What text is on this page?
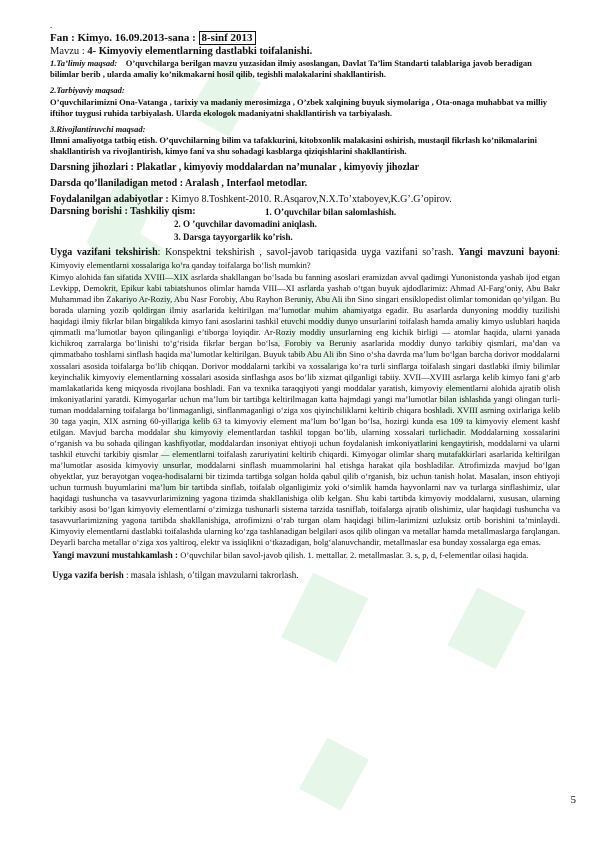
.
Fan : Kimyo. 16.09.2013-sana : 8-sinf 2013
Mavzu : 4- Kimyoviy elementlarning dastlabki toifalanishi.
1.Ta’limiy maqsad: O’quvchilarga berilgan mavzu yuzasidan ilmiy asoslangan, Davlat Ta’lim Standarti talablariga javob beradigan bilimlar berib , ularda amaliy ko’nikmakarni hosil qilib, tegishli malakalarini shakllantirish.

2.Tarbiyaviy maqsad:

O’quvchilarimizni Ona-Vatanga , tarixiy va madaniy merosimizga , O’zbek xalqining buyuk siymolariga , Ota-onaga muhabbat va milliy iftihor tuygusi ruhida tarbiyalash. Ularda ekologok madaniyatni shakllantirish va tarbiyalash.

3.Rivojlantiruvchi maqsad:

Ilmni amaliyotga tatbiq etish. O’quvchilarning bilim va tafakkurini, kitobxonlik malakasini oshirish, mustaqil fikrlash ko’nikmalarini shakllantirish va rivojlantirish, kimyo fani va shu sohadagi kasblarga qiziqishlarini shakllantirish.

Darsning jihozlari : Plakatlar , kimyoviy moddalardan na’munalar , kimyoviy jihozlar
Darsda qo’llaniladigan metod : Aralash , Interfaol metodlar.
Foydalanilgan adabiyotlar : Kimyo 8.Toshkent-2010. R.Asqarov,N.X.To’xtaboyev,K.G’.G’opirov.
Darsning borishi : Tashkiliy qism:	1. O’quvchilar bilan salomlashish.
2. O ’quvchilar davomadini aniqlash.
3. Darsga tayyorgarlik ko’rish.
Uyga vazifani tekshirish: Konspektni tekshirish , savol-javob tariqasida uyga vazifani so’rash. Yangi mavzuni bayoni: Kimyoviy elementlarni xossalariga ko‘ra qanday toifalarga bo‘lish mumkin?
Kimyo alohida fan sifatida XVIII—XIX asrlarda shakllangan bo‘lsada bu fanning asoslari eramizdan avval qadimgi Yunonistonda yashab ijod etgan Levkipp, Demokrit, Epikur kabi tabiatshunos olimlar hamda VIII—XI asrlarda yashab o‘tgan buyuk ajdodlarimiz: Ahmad Al-Farg‘oniy, Abu Bakr Muhammad ibn Zakariyo Ar-Roziy, Abu Nasr Forobiy, Abu Rayhon Beruniy, Abu Ali ibn Sino singari ensiklopedist olimlar tomonidan qo‘yilgan. Bu borada ularning yozib qoldirgan ilmiy asarlarida keltirilgan ma’lumotlar muhim ahamiyatga egadir. Bu asarlarda dunyoning moddiy tuzilishi haqidagi ilmiy fikrlar bilan birgalikda kimyo fani asoslarini tashkil etuvchi moddiy dunyo unsurlarini toifalash hamda amaliy kimyo uslublari haqida qimmatli ma’lumotlar bayon qilinganligi e’tiborga loyiqdir. Ar-Roziy moddiy unsurlarning eng kichik birligi — atomlar haqida, ularni yanada kichikroq zarralarga bo‘linishi to‘g‘risida fikrlar bergan bo‘lsa, Forobiy va Beruniy asarlarida moddiy dunyo tarkibiy qismlari, ma’dan va qimmatbaho toshlarni sinflash haqida ma’lumotlar keltirilgan. Buyuk tabib Abu Ali ibn Sino o‘sha davrda ma’lum bo‘lgan barcha dorivor moddalarni xossalari asosida toifalarga bo‘lib chiqqan. Dorivor moddalarni tarkibi va xossalariga ko‘ra turli sinflarga toifalash singari dastlabki ilmiy bilimlar keyinchalik kimyoviy elementlarning xossalari asosida sinflashga asos bo‘lib xizmat qilganligi tabiiy. XVII—XVIII asrlarga kelib kimyo fani g‘arb mamlakatlarida keng miqyosda rivojlana boshladi. Fan va texnika taraqqiyoti yangi moddalar yaratish, kimyoviy elementlarni alohida ajratib olish imkoniyatlarini yaratdi. Kimyogarlar uchun ma’lum bir tartibga keltirilmagan katta hajmdagi yangi ma’lumotlar bilan ishlashda yangi olingan turli-tuman moddalarning toifalarga bo‘linmaganligi, sinflanmaganligi o‘ziga xos qiyinchiliklarni keltirib chiqara boshladi. XVIII asrning oxirlariga kelib 30 taga yaqin, XIX asrning 60-yillariga kelib 63 ta kimyoviy element ma’lum bo‘lgan bo‘lsa, hozirgi kunda esa 109 ta kimyoviy element kashf etilgan. Mavjud barcha moddalar shu kimyoviy elementlardan tashkil topgan bo‘lib, ularning xossalari turlichadir. Moddalarning xossalarini o‘rganish va bu sohada qilingan kashfiyotlar, moddalardan insoniyat ehtiyoji uchun foydalanish imkoniyatlarini kengaytirish, moddalarni va ularni tashkil etuvchi tarkibiy qismlar — elementlarni toifalash zaruriyatini keltirib chiqardi. Kimyogar olimlar sharq mutafakkirlari asarlarida keltirilgan ma’lumotlar asosida kimyoviy unsurlar, moddalarni sinflash muammolarini hal etishga harakat qila boshladilar. Atrofimizda mavjud bo‘lgan obyektlar, yuz berayotgan voqea-hodisalarni bir tizimda tartibga solgan holda qabul qilib o‘rganish, biz uchun tanish holat. Masalan, inson ehtiyoji uchun turmush buyumlarini ma’lum bir tartibda sinflab, toifalab olganligimiz yoki o‘simlik hamda hayvonlarni nav va turlarga sinflashimiz, ular haqidagi tushuncha va tasavvurlarimizning yagona tizimda shakllanishiga olib kelgan. Shu kabi tartibda kimyoviy moddalarni, xususan, ularning tarkibiy asosi bo‘lgan kimyoviy elementlarni o‘zimizga tushunarli sistema tarzida tasniflab, toifalarga ajratib olishimiz, ular haqidagi tushuncha va tasavvurlarimizning yagona tartibda shakllanishiga, atrofimizni o‘rab turgan olam haqidagi bilim-larimizni uzluksiz ortib borishini ta’minlaydi. Kimyoviy elementlarni dastlabki toifalashda ularning ko‘zga tashlanadigan belgilari asos qilib olingan va metallar hamda metallmaslarga farqlangan. Deyarli barcha metallar o‘ziga xos yaltiroq, elektr va issiqlikni o‘tkazadigan, bolg‘alanuvchandir, metallmaslar esa bunday xossalarga ega emas.
Yangi mavzuni mustahkamlash : O’quvchilar bilan savol-javob qilish. 1. mettallar. 2. metallmaslar. 3. s, p, d, f-elementlar oilasi haqida.
Uyga vazifa berish : masala ishlash, o’tilgan mavzularni takrorlash.
5
